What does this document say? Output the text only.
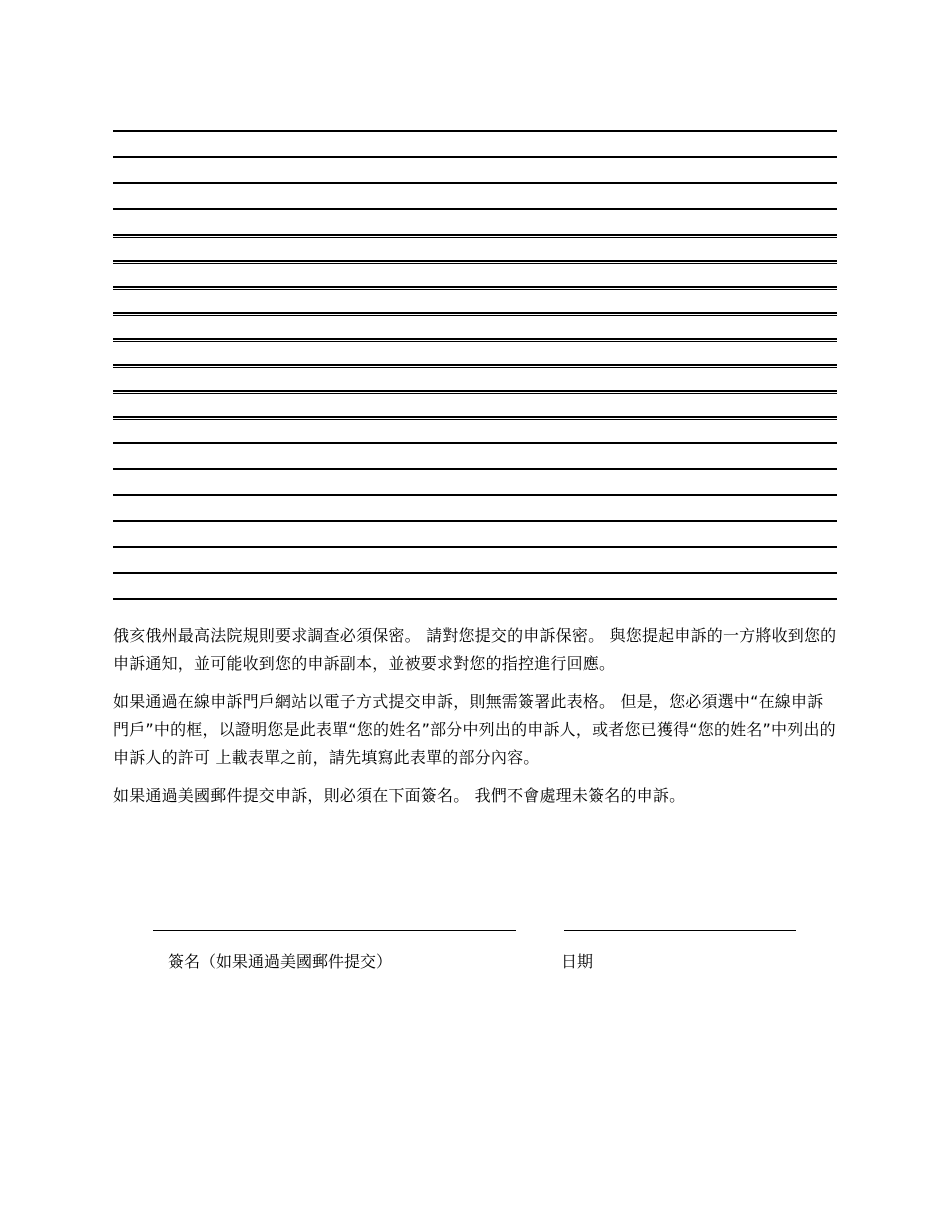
俄亥俄州最高法院規則要求調查必須保密。 請對您提交的申訴保密。 與您提起申訴的一方將收到您的申訴通知，並可能收到您的申訴副本，並被要求對您的指控進行回應。

如果通過在線申訴門戶網站以電子方式提交申訴，則無需簽署此表格。 但是，您必須選中“在線申訴門戶”中的框，以證明您是此表單“您的姓名”部分中列出的申訴人，或者您已獲得“您的姓名”中列出的申訴人的許可 上載表單之前，請先填寫此表單的部分內容。

如果通過美國郵件提交申訴，則必須在下面簽名。 我們不會處理未簽名的申訴。

簽名（如果通過美國郵件提交）	日期
